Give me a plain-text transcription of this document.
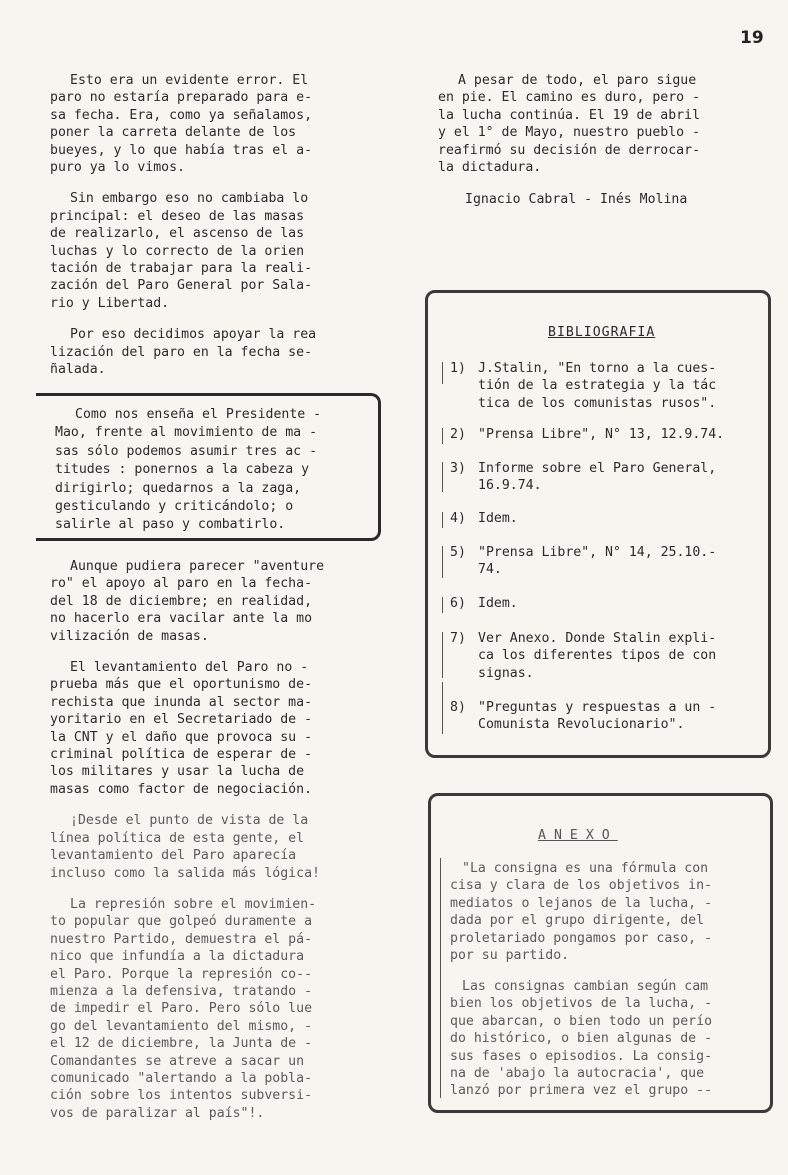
19
Esto era un evidente error. El
paro no estaría preparado para e-
sa fecha. Era, como ya señalamos,
poner la carreta delante de los
bueyes, y lo que había tras el a-
puro ya lo vimos.
Sin embargo eso no cambiaba lo
principal: el deseo de las masas
de realizarlo, el ascenso de las
luchas y lo correcto de la orien
tación de trabajar para la reali-
zación del Paro General por Sala-
rio y Libertad.
Por eso decidimos apoyar la rea
lización del paro en la fecha se-
ñalada.
Como nos enseña el Presidente -
Mao, frente al movimiento de ma -
sas sólo podemos asumir tres ac -
titudes : ponernos a la cabeza y
dirigirlo; quedarnos a la zaga,
gesticulando y criticándolo; o
salirle al paso y combatirlo.
Aunque pudiera parecer "aventure
ro" el apoyo al paro en la fecha-
del 18 de diciembre; en realidad,
no hacerlo era vacilar ante la mo
vilización de masas.
El levantamiento del Paro no -
prueba más que el oportunismo de-
rechista que inunda al sector ma-
yoritario en el Secretariado de -
la CNT y el daño que provoca su -
criminal política de esperar de -
los militares y usar la lucha de
masas como factor de negociación.
¡Desde el punto de vista de la
línea política de esta gente, el
levantamiento del Paro aparecía
incluso como la salida más lógica!
La represión sobre el movimien-
to popular que golpeó duramente a
nuestro Partido, demuestra el pá-
nico que infundía a la dictadura
el Paro. Porque la represión co--
mienza a la defensiva, tratando -
de impedir el Paro. Pero sólo lue
go del levantamiento del mismo, -
el 12 de diciembre, la Junta de -
Comandantes se atreve a sacar un
comunicado "alertando a la pobla-
ción sobre los intentos subversi-
vos de paralizar al país"!.
A pesar de todo, el paro sigue
en pie. El camino es duro, pero -
la lucha continúa. El 19 de abril
y el 1° de Mayo, nuestro pueblo -
reafirmó su decisión de derrocar-
la dictadura.
Ignacio Cabral - Inés Molina
BIBLIOGRAFIA
1) J.Stalin, "En torno a la cues-
tión de la estrategia y la tác
tica de los comunistas rusos".
2) "Prensa Libre", N° 13, 12.9.74.
3) Informe sobre el Paro General,
16.9.74.
4) Idem.
5) "Prensa Libre", N° 14, 25.10.-
74.
6) Idem.
7) Ver Anexo. Donde Stalin expli-
ca los diferentes tipos de con
signas.
8) "Preguntas y respuestas a un -
Comunista Revolucionario".
ANEXO
"La consigna es una fórmula con
cisa y clara de los objetivos in-
mediatos o lejanos de la lucha, -
dada por el grupo dirigente, del
proletariado pongamos por caso, -
por su partido.
Las consignas cambian según cam
bien los objetivos de la lucha, -
que abarcan, o bien todo un perío
do histórico, o bien algunas de -
sus fases o episodios. La consig-
na de 'abajo la autocracia', que
lanzó por primera vez el grupo --
